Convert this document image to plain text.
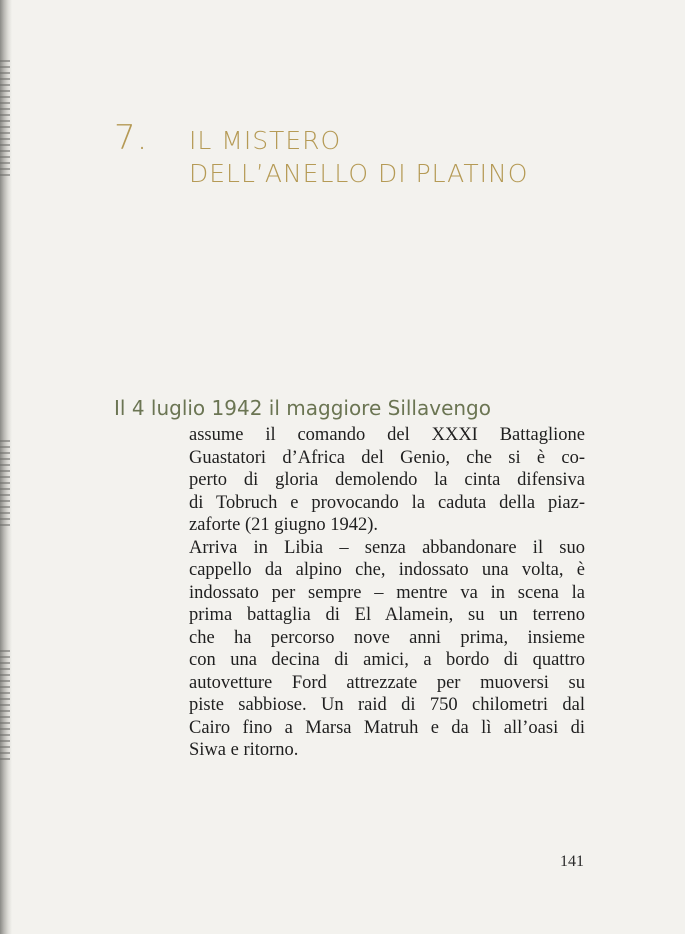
7. IL MISTERO
DELL’ANELLO DI PLATINO
Il 4 luglio 1942 il maggiore Sillavengo
assume il comando del XXXI Battaglione
Guastatori d’Africa del Genio, che si è co-
perto di gloria demolendo la cinta difensiva
di Tobruch e provocando la caduta della piaz-
zaforte (21 giugno 1942).
Arriva in Libia – senza abbandonare il suo
cappello da alpino che, indossato una volta, è
indossato per sempre – mentre va in scena la
prima battaglia di El Alamein, su un terreno
che ha percorso nove anni prima, insieme
con una decina di amici, a bordo di quattro
autovetture Ford attrezzate per muoversi su
piste sabbiose. Un raid di 750 chilometri dal
Cairo fino a Marsa Matruh e da lì all’oasi di
Siwa e ritorno.
141
